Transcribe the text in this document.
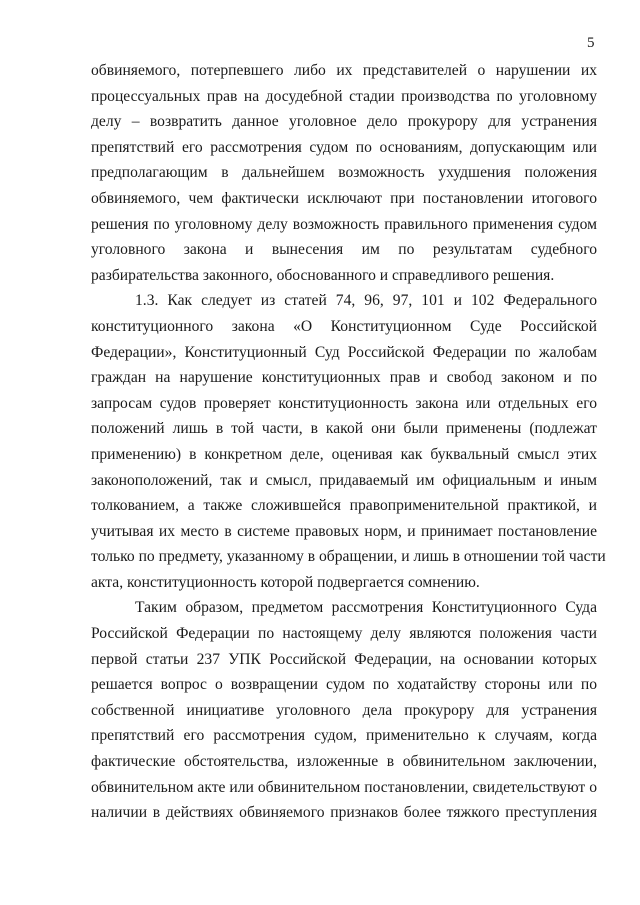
5
обвиняемого, потерпевшего либо их представителей о нарушении их
процессуальных прав на досудебной стадии производства по уголовному
делу – возвратить данное уголовное дело прокурору для устранения
препятствий его рассмотрения судом по основаниям, допускающим или
предполагающим в дальнейшем возможность ухудшения положения
обвиняемого, чем фактически исключают при постановлении итогового
решения по уголовному делу возможность правильного применения судом
уголовного закона и вынесения им по результатам судебного
разбирательства законного, обоснованного и справедливого решения.
1.3. Как следует из статей 74, 96, 97, 101 и 102 Федерального
конституционного закона «О Конституционном Суде Российской
Федерации», Конституционный Суд Российской Федерации по жалобам
граждан на нарушение конституционных прав и свобод законом и по
запросам судов проверяет конституционность закона или отдельных его
положений лишь в той части, в какой они были применены (подлежат
применению) в конкретном деле, оценивая как буквальный смысл этих
законоположений, так и смысл, придаваемый им официальным и иным
толкованием, а также сложившейся правоприменительной практикой, и
учитывая их место в системе правовых норм, и принимает постановление
только по предмету, указанному в обращении, и лишь в отношении той части
акта, конституционность которой подвергается сомнению.
Таким образом, предметом рассмотрения Конституционного Суда
Российской Федерации по настоящему делу являются положения части
первой статьи 237 УПК Российской Федерации, на основании которых
решается вопрос о возвращении судом по ходатайству стороны или по
собственной инициативе уголовного дела прокурору для устранения
препятствий его рассмотрения судом, применительно к случаям, когда
фактические обстоятельства, изложенные в обвинительном заключении,
обвинительном акте или обвинительном постановлении, свидетельствуют о
наличии в действиях обвиняемого признаков более тяжкого преступления
